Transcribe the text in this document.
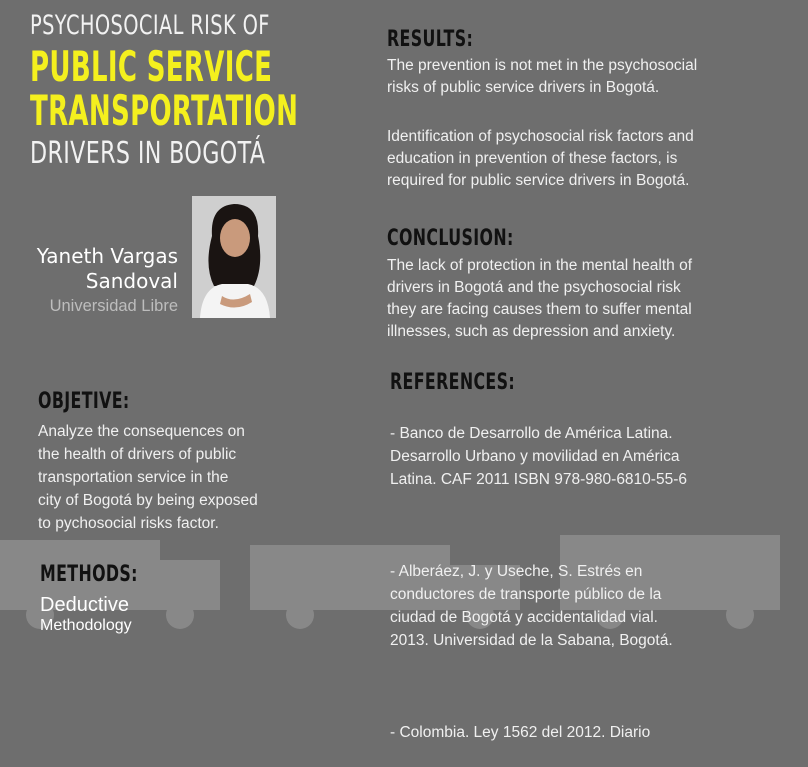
PSYCHOSOCIAL RISK OF
PUBLIC SERVICE
TRANSPORTATION
DRIVERS IN BOGOTÁ
Yaneth Vargas
Sandoval
Universidad Libre
OBJETIVE:
Analyze the consequences on
the health of drivers of public
transportation service in the
city of Bogotá by being exposed
to pychosocial risks factor.
METHODS:
Deductive
Methodology
RESULTS:
The prevention is not met in the psychosocial
risks of public service drivers in Bogotá.
Identification of psychosocial risk factors and
education in prevention of these factors, is
required for public service drivers in Bogotá.
CONCLUSION:
The lack of protection in the mental health of
drivers in Bogotá and the psychosocial risk
they are facing causes them to suffer mental
illnesses, such as depression and anxiety.
REFERENCES:

- Banco de Desarrollo de América Latina.
Desarrollo Urbano y movilidad en América
Latina. CAF 2011 ISBN 978-980-6810-55-6

- Alberáez, J. y Useche, S. Estrés en
conductores de transporte público de la
ciudad de Bogotá y accidentalidad vial.
2013. Universidad de la Sabana, Bogotá.

- Colombia. Ley 1562 del 2012. Diario
